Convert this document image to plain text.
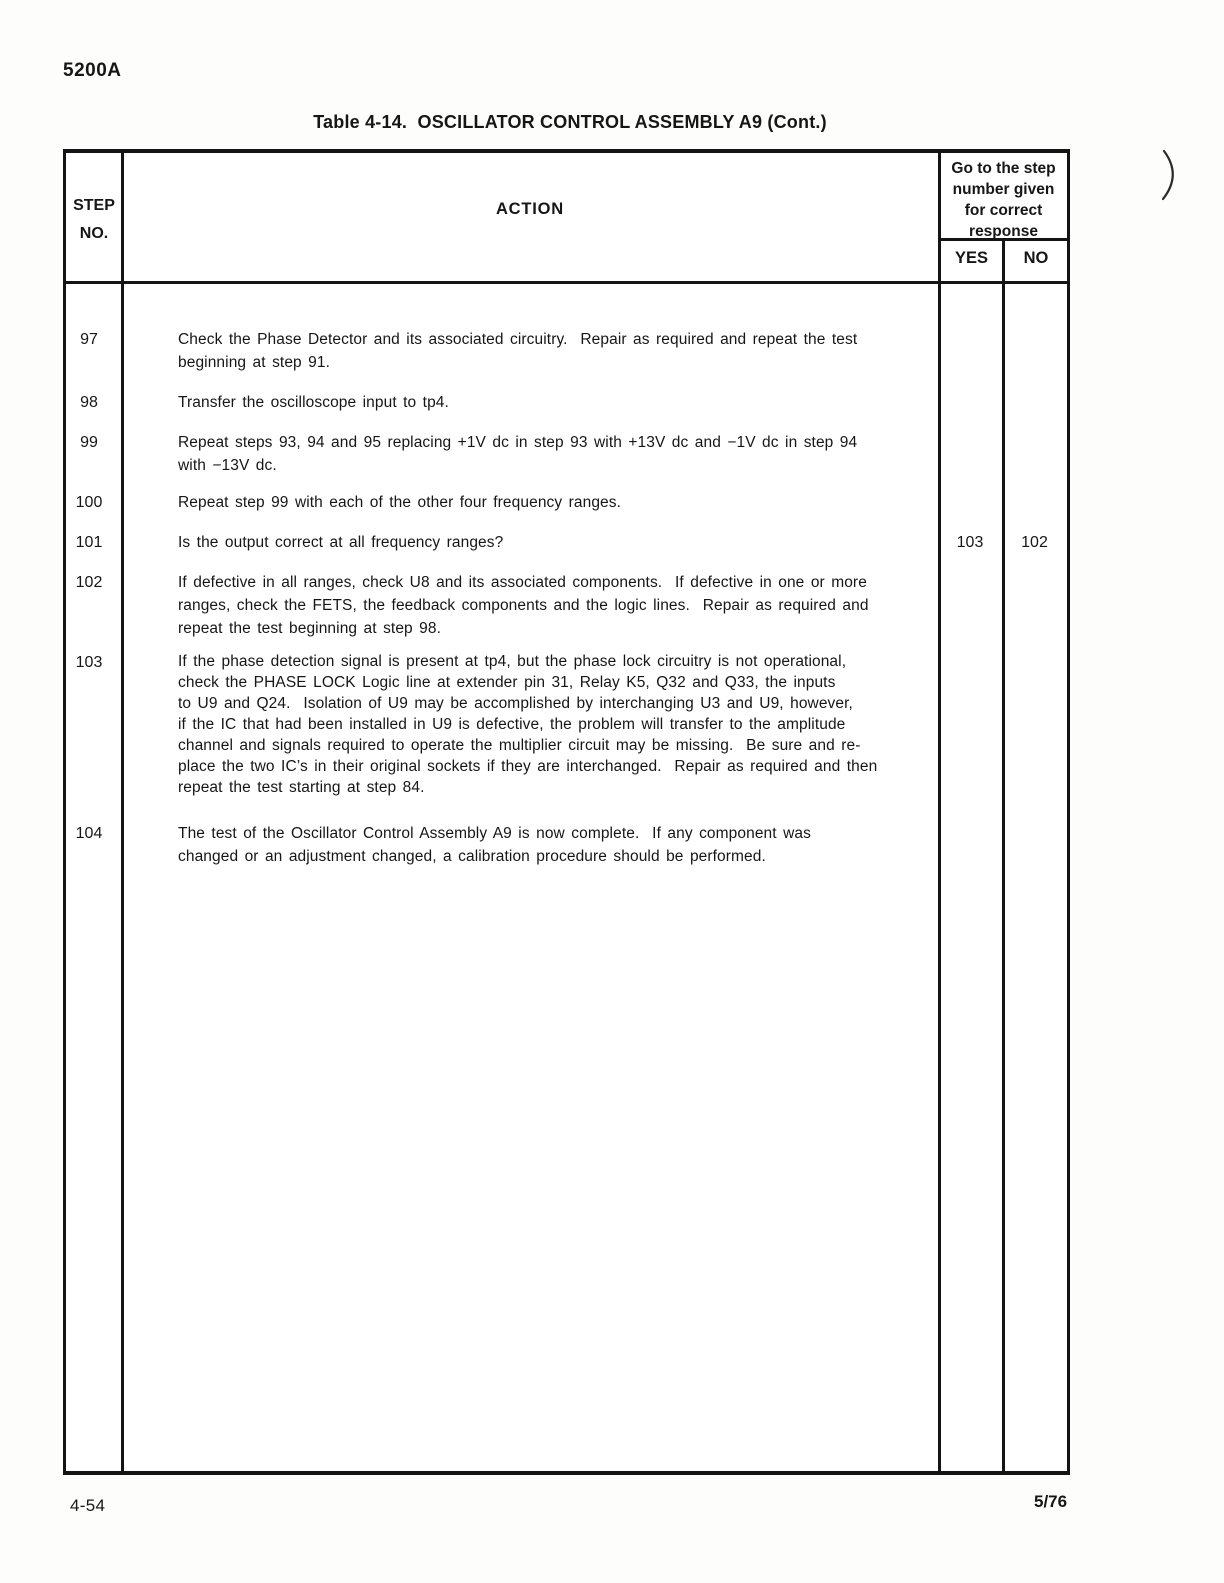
5200A
Table 4-14.  OSCILLATOR CONTROL ASSEMBLY A9 (Cont.)
STEP
NO.
ACTION
Go to the step
number given
for correct
response
YES	NO
97	Check the Phase Detector and its associated circuitry.  Repair as required and repeat the test
beginning at step 91.
98	Transfer the oscilloscope input to tp4.
99	Repeat steps 93, 94 and 95 replacing +1V dc in step 93 with +13V dc and −1V dc in step 94
with −13V dc.
100	Repeat step 99 with each of the other four frequency ranges.
101	Is the output correct at all frequency ranges?	103	102
102	If defective in all ranges, check U8 and its associated components.  If defective in one or more
ranges, check the FETS, the feedback components and the logic lines.  Repair as required and
repeat the test beginning at step 98.
103	If the phase detection signal is present at tp4, but the phase lock circuitry is not operational,
check the PHASE LOCK Logic line at extender pin 31, Relay K5, Q32 and Q33, the inputs
to U9 and Q24.  Isolation of U9 may be accomplished by interchanging U3 and U9, however,
if the IC that had been installed in U9 is defective, the problem will transfer to the amplitude
channel and signals required to operate the multiplier circuit may be missing.  Be sure and re-
place the two IC’s in their original sockets if they are interchanged.  Repair as required and then
repeat the test starting at step 84.
104	The test of the Oscillator Control Assembly A9 is now complete.  If any component was
changed or an adjustment changed, a calibration procedure should be performed.
4-54	5/76
